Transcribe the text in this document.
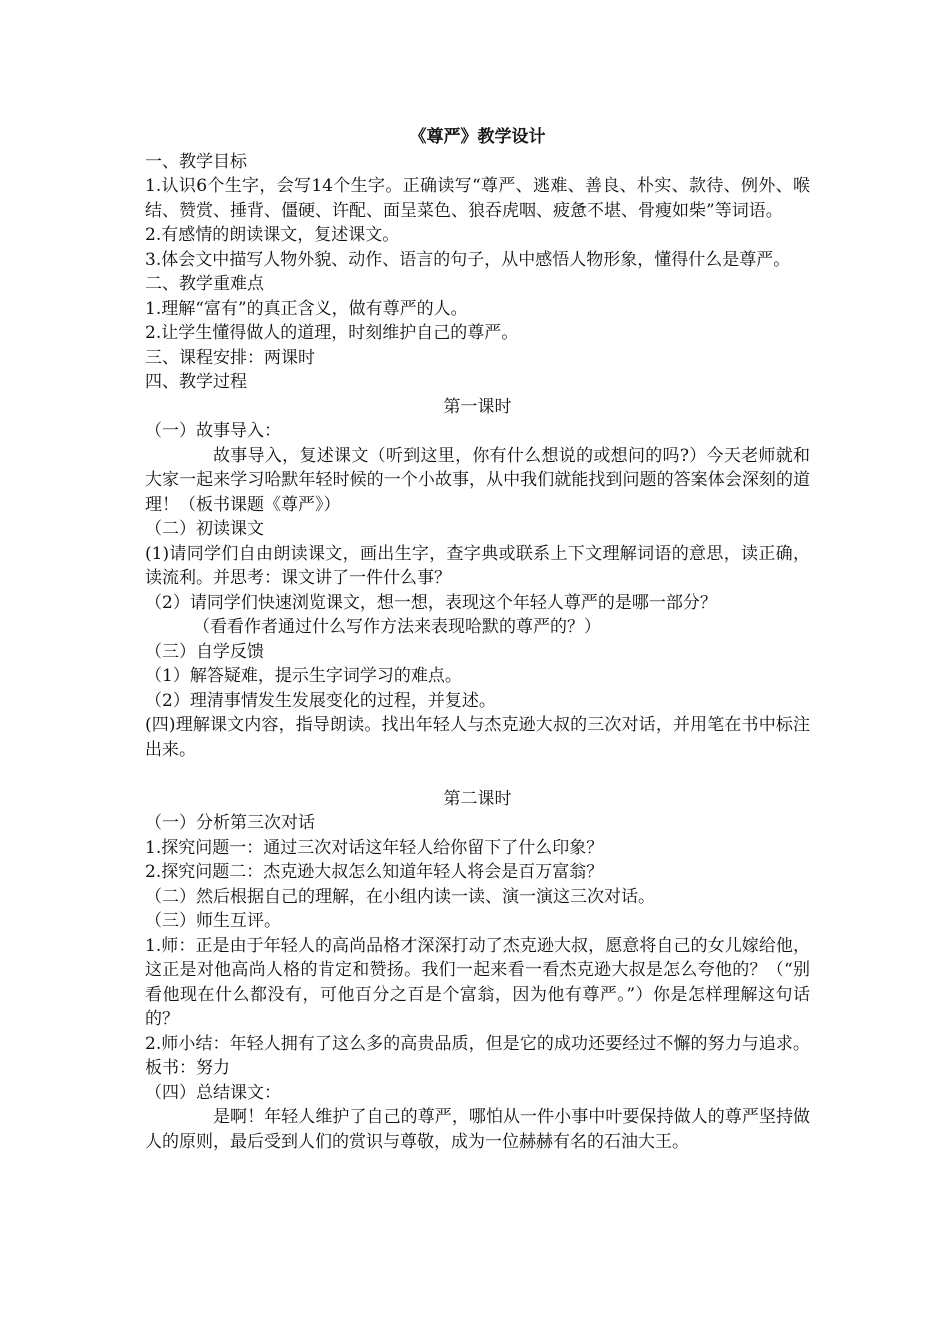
《尊严》教学设计
一、教学目标
1.认识6个生字，会写14个生字。正确读写“尊严、逃难、善良、朴实、款待、例外、喉结、赞赏、捶背、僵硬、许配、面呈菜色、狼吞虎咽、疲惫不堪、骨瘦如柴”等词语。
2.有感情的朗读课文，复述课文。
3.体会文中描写人物外貌、动作、语言的句子，从中感悟人物形象，懂得什么是尊严。
二、教学重难点
1.理解“富有”的真正含义，做有尊严的人。
2.让学生懂得做人的道理，时刻维护自己的尊严。
三、课程安排：两课时
四、教学过程
第一课时
（一）故事导入：
故事导入，复述课文（听到这里，你有什么想说的或想问的吗?）今天老师就和大家一起来学习哈默年轻时候的一个小故事，从中我们就能找到问题的答案体会深刻的道理！（板书课题《尊严》）
（二）初读课文
(1)请同学们自由朗读课文，画出生字，查字典或联系上下文理解词语的意思，读正确，读流利。并思考：课文讲了一件什么事？
（2）请同学们快速浏览课文，想一想，表现这个年轻人尊严的是哪一部分？
（看看作者通过什么写作方法来表现哈默的尊严的？）
（三）自学反馈
（1）解答疑难，提示生字词学习的难点。
（2）理清事情发生发展变化的过程，并复述。
(四)理解课文内容，指导朗读。找出年轻人与杰克逊大叔的三次对话，并用笔在书中标注出来。
第二课时
（一）分析第三次对话
1.探究问题一：通过三次对话这年轻人给你留下了什么印象？
2.探究问题二：杰克逊大叔怎么知道年轻人将会是百万富翁？
（二）然后根据自己的理解，在小组内读一读、演一演这三次对话。
（三）师生互评。
1.师：正是由于年轻人的高尚品格才深深打动了杰克逊大叔，愿意将自己的女儿嫁给他，这正是对他高尚人格的肯定和赞扬。我们一起来看一看杰克逊大叔是怎么夸他的？（“别看他现在什么都没有，可他百分之百是个富翁，因为他有尊严。”）你是怎样理解这句话的？
2.师小结：年轻人拥有了这么多的高贵品质，但是它的成功还要经过不懈的努力与追求。板书：努力
（四）总结课文：
是啊！年轻人维护了自己的尊严，哪怕从一件小事中叶要保持做人的尊严坚持做人的原则，最后受到人们的赏识与尊敬，成为一位赫赫有名的石油大王。
